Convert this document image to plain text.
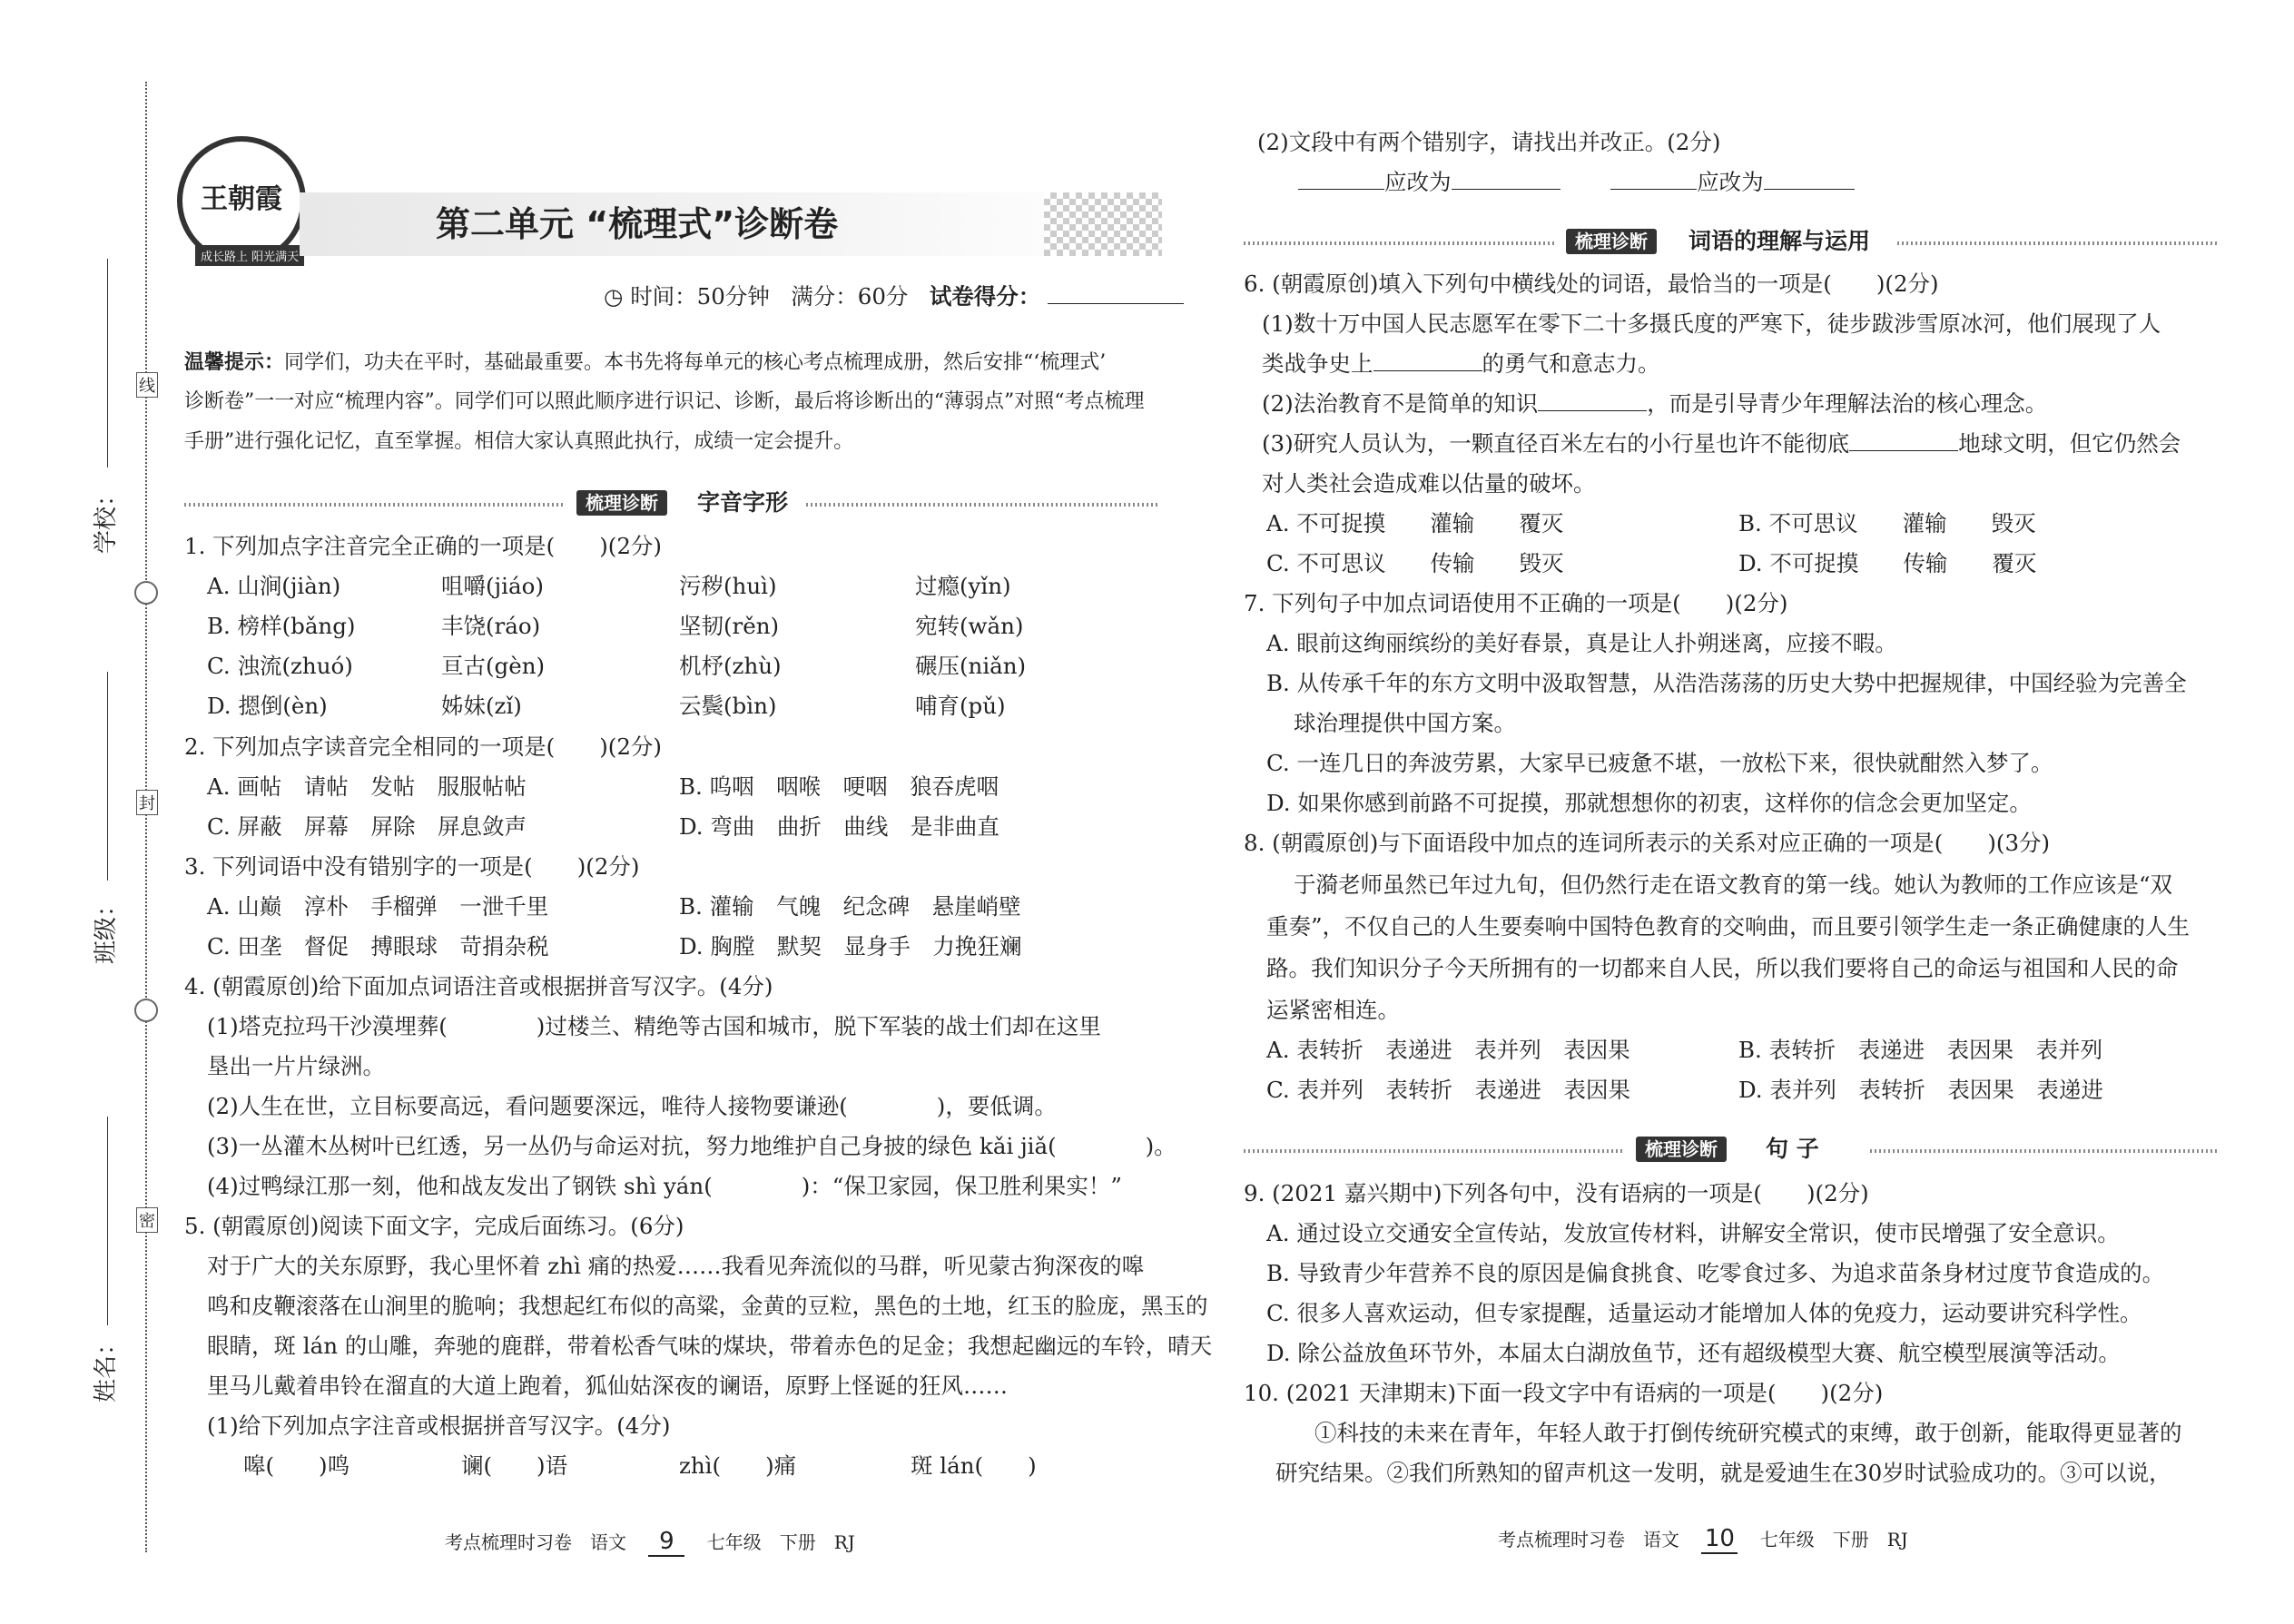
学校：
班级：
姓名：
线
封
密
王朝霞
成长路上 阳光满天
第二单元 “梳理式”诊断卷
◷ 时间：50分钟 满分：60分 试卷得分：
温馨提示：同学们，功夫在平时，基础最重要。本书先将每单元的核心考点梳理成册，然后安排“‘梳理式’
诊断卷”一一对应“梳理内容”。同学们可以照此顺序进行识记、诊断，最后将诊断出的“薄弱点”对照“考点梳理
手册”进行强化记忆，直至掌握。相信大家认真照此执行，成绩一定会提升。
梳理诊断	字音字形
1. 下列加点字注音完全正确的一项是(　　)(2分)
A. 山涧(jiàn)	咀嚼(jiáo)	污秽(huì)	过瘾(yǐn)
B. 榜样(bǎng)	丰饶(ráo)	坚韧(rěn)	宛转(wǎn)
C. 浊流(zhuó)	亘古(gèn)	机杼(zhù)	碾压(niǎn)
D. 摁倒(èn)	姊妹(zǐ)	云鬓(bìn)	哺育(pǔ)
2. 下列加点字读音完全相同的一项是(　　)(2分)
A. 画帖　请帖　发帖　服服帖帖	B. 呜咽　咽喉　哽咽　狼吞虎咽
C. 屏蔽　屏幕　屏除　屏息敛声	D. 弯曲　曲折　曲线　是非曲直
3. 下列词语中没有错别字的一项是(　　)(2分)
A. 山巅　淳朴　手榴弹　一泄千里	B. 灌输　气魄　纪念碑　悬崖峭壁
C. 田垄　督促　搏眼球　苛捐杂税	D. 胸膛　默契　显身手　力挽狂斓
4. (朝霞原创)给下面加点词语注音或根据拼音写汉字。(4分)
(1)塔克拉玛干沙漠埋葬(　　　　)过楼兰、精绝等古国和城市，脱下军装的战士们却在这里
垦出一片片绿洲。
(2)人生在世，立目标要高远，看问题要深远，唯待人接物要谦逊(　　　　)，要低调。
(3)一丛灌木丛树叶已红透，另一丛仍与命运对抗，努力地维护自己身披的绿色 kǎi jiǎ(　　　　)。
(4)过鸭绿江那一刻，他和战友发出了钢铁 shì yán(　　　　)：“保卫家园，保卫胜利果实！”
5. (朝霞原创)阅读下面文字，完成后面练习。(6分)
对于广大的关东原野，我心里怀着 zhì 痛的热爱……我看见奔流似的马群，听见蒙古狗深夜的嗥
鸣和皮鞭滚落在山涧里的脆响；我想起红布似的高粱，金黄的豆粒，黑色的土地，红玉的脸庞，黑玉的
眼睛，斑 lán 的山雕，奔驰的鹿群，带着松香气味的煤块，带着赤色的足金；我想起幽远的车铃，晴天
里马儿戴着串铃在溜直的大道上跑着，狐仙姑深夜的谰语，原野上怪诞的狂风……
(1)给下列加点字注音或根据拼音写汉字。(4分)
嗥(　　)鸣	谰(　　)语	zhì(　　)痛	斑 lán(　　)
考点梳理时习卷　语文 9 七年级　下册　RJ
(2)文段中有两个错别字，请找出并改正。(2分)
应改为	应改为
梳理诊断	词语的理解与运用
6. (朝霞原创)填入下列句中横线处的词语，最恰当的一项是(　　)(2分)
(1)数十万中国人民志愿军在零下二十多摄氏度的严寒下，徒步跋涉雪原冰河，他们展现了人
类战争史上	的勇气和意志力。
(2)法治教育不是简单的知识	，而是引导青少年理解法治的核心理念。
(3)研究人员认为，一颗直径百米左右的小行星也许不能彻底	地球文明，但它仍然会
对人类社会造成难以估量的破坏。
A. 不可捉摸　　灌输　　覆灭	B. 不可思议　　灌输　　毁灭
C. 不可思议　　传输　　毁灭	D. 不可捉摸　　传输　　覆灭
7. 下列句子中加点词语使用不正确的一项是(　　)(2分)
A. 眼前这绚丽缤纷的美好春景，真是让人扑朔迷离，应接不暇。
B. 从传承千年的东方文明中汲取智慧，从浩浩荡荡的历史大势中把握规律，中国经验为完善全
球治理提供中国方案。
C. 一连几日的奔波劳累，大家早已疲惫不堪，一放松下来，很快就酣然入梦了。
D. 如果你感到前路不可捉摸，那就想想你的初衷，这样你的信念会更加坚定。
8. (朝霞原创)与下面语段中加点的连词所表示的关系对应正确的一项是(　　)(3分)
于漪老师虽然已年过九旬，但仍然行走在语文教育的第一线。她认为教师的工作应该是“双
重奏”，不仅自己的人生要奏响中国特色教育的交响曲，而且要引领学生走一条正确健康的人生
路。我们知识分子今天所拥有的一切都来自人民，所以我们要将自己的命运与祖国和人民的命
运紧密相连。
A. 表转折　表递进　表并列　表因果	B. 表转折　表递进　表因果　表并列
C. 表并列　表转折　表递进　表因果	D. 表并列　表转折　表因果　表递进
梳理诊断	句 子
9. (2021 嘉兴期中)下列各句中，没有语病的一项是(　　)(2分)
A. 通过设立交通安全宣传站，发放宣传材料，讲解安全常识，使市民增强了安全意识。
B. 导致青少年营养不良的原因是偏食挑食、吃零食过多、为追求苗条身材过度节食造成的。
C. 很多人喜欢运动，但专家提醒，适量运动才能增加人体的免疫力，运动要讲究科学性。
D. 除公益放鱼环节外，本届太白湖放鱼节，还有超级模型大赛、航空模型展演等活动。
10. (2021 天津期末)下面一段文字中有语病的一项是(　　)(2分)
①科技的未来在青年，年轻人敢于打倒传统研究模式的束缚，敢于创新，能取得更显著的
研究结果。②我们所熟知的留声机这一发明，就是爱迪生在30岁时试验成功的。③可以说，
考点梳理时习卷　语文 10 七年级　下册　RJ
